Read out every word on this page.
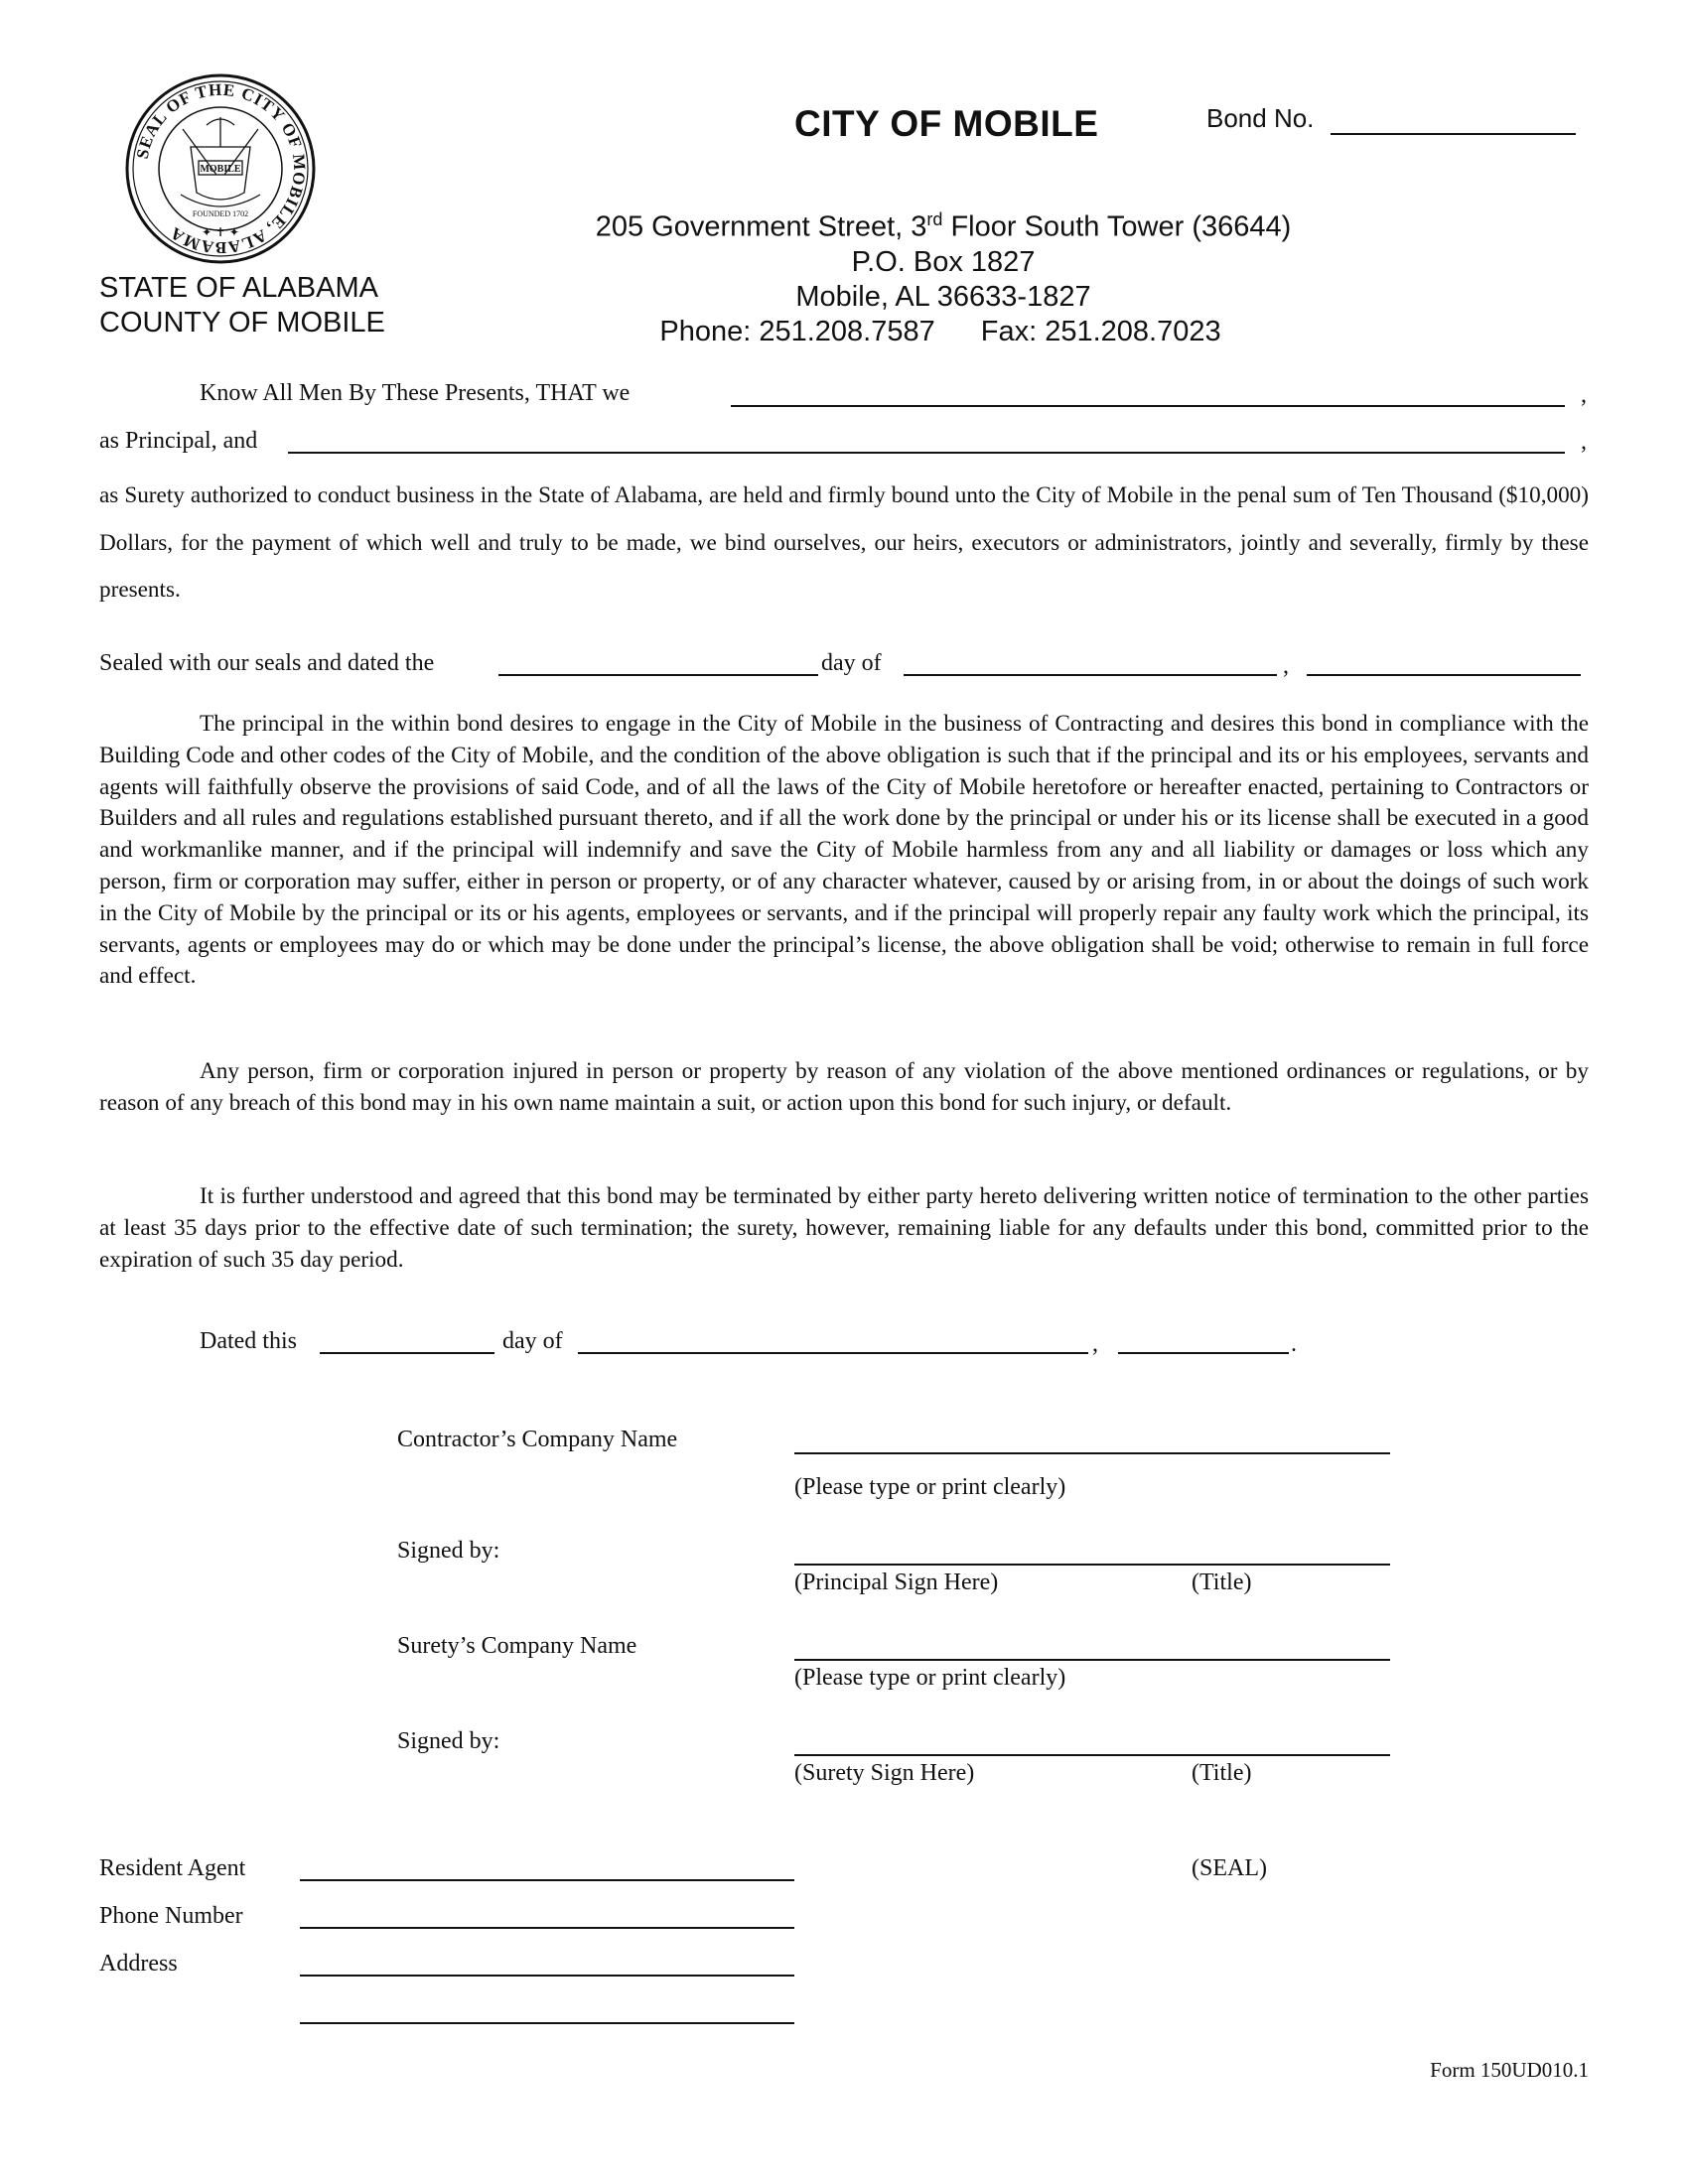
SEAL OF THE CITY OF MOBILE, ALABAMA
MOBILE
FOUNDED 1702
✦ ✝ ✦
CITY OF MOBILE	Bond No.
205 Government Street, 3rd Floor South Tower (36644)
P.O. Box 1827
Mobile, AL 36633-1827
Phone: 251.208.7587 Fax: 251.208.7023
STATE OF ALABAMA
COUNTY OF MOBILE
Know All Men By These Presents, THAT we	,
as Principal, and	,

as Surety authorized to conduct business in the State of Alabama, are held and firmly bound unto the City of Mobile in the penal sum of Ten Thousand ($10,000) Dollars, for the payment of which well and truly to be made, we bind ourselves, our heirs, executors or administrators, jointly and severally, firmly by these presents.

Sealed with our seals and dated the	day of	,

The principal in the within bond desires to engage in the City of Mobile in the business of Contracting and desires this bond in compliance with the Building Code and other codes of the City of Mobile, and the condition of the above obligation is such that if the principal and its or his employees, servants and agents will faithfully observe the provisions of said Code, and of all the laws of the City of Mobile heretofore or hereafter enacted, pertaining to Contractors or Builders and all rules and regulations established pursuant thereto, and if all the work done by the principal or under his or its license shall be executed in a good and workmanlike manner, and if the principal will indemnify and save the City of Mobile harmless from any and all liability or damages or loss which any person, firm or corporation may suffer, either in person or property, or of any character whatever, caused by or arising from, in or about the doings of such work in the City of Mobile by the principal or its or his agents, employees or servants, and if the principal will properly repair any faulty work which the principal, its servants, agents or employees may do or which may be done under the principal’s license, the above obligation shall be void; otherwise to remain in full force and effect.

Any person, firm or corporation injured in person or property by reason of any violation of the above mentioned ordinances or regulations, or by reason of any breach of this bond may in his own name maintain a suit, or action upon this bond for such injury, or default.

It is further understood and agreed that this bond may be terminated by either party hereto delivering written notice of termination to the other parties at least 35 days prior to the effective date of such termination; the surety, however, remaining liable for any defaults under this bond, committed prior to the expiration of such 35 day period.

Dated this	day of	,	.
Contractor’s Company Name
(Please type or print clearly)
Signed by:
(Principal Sign Here)	(Title)
Surety’s Company Name
(Please type or print clearly)
Signed by:
(Surety Sign Here)	(Title)
Resident Agent	(SEAL)
Phone Number
Address
Form 150UD010.1
